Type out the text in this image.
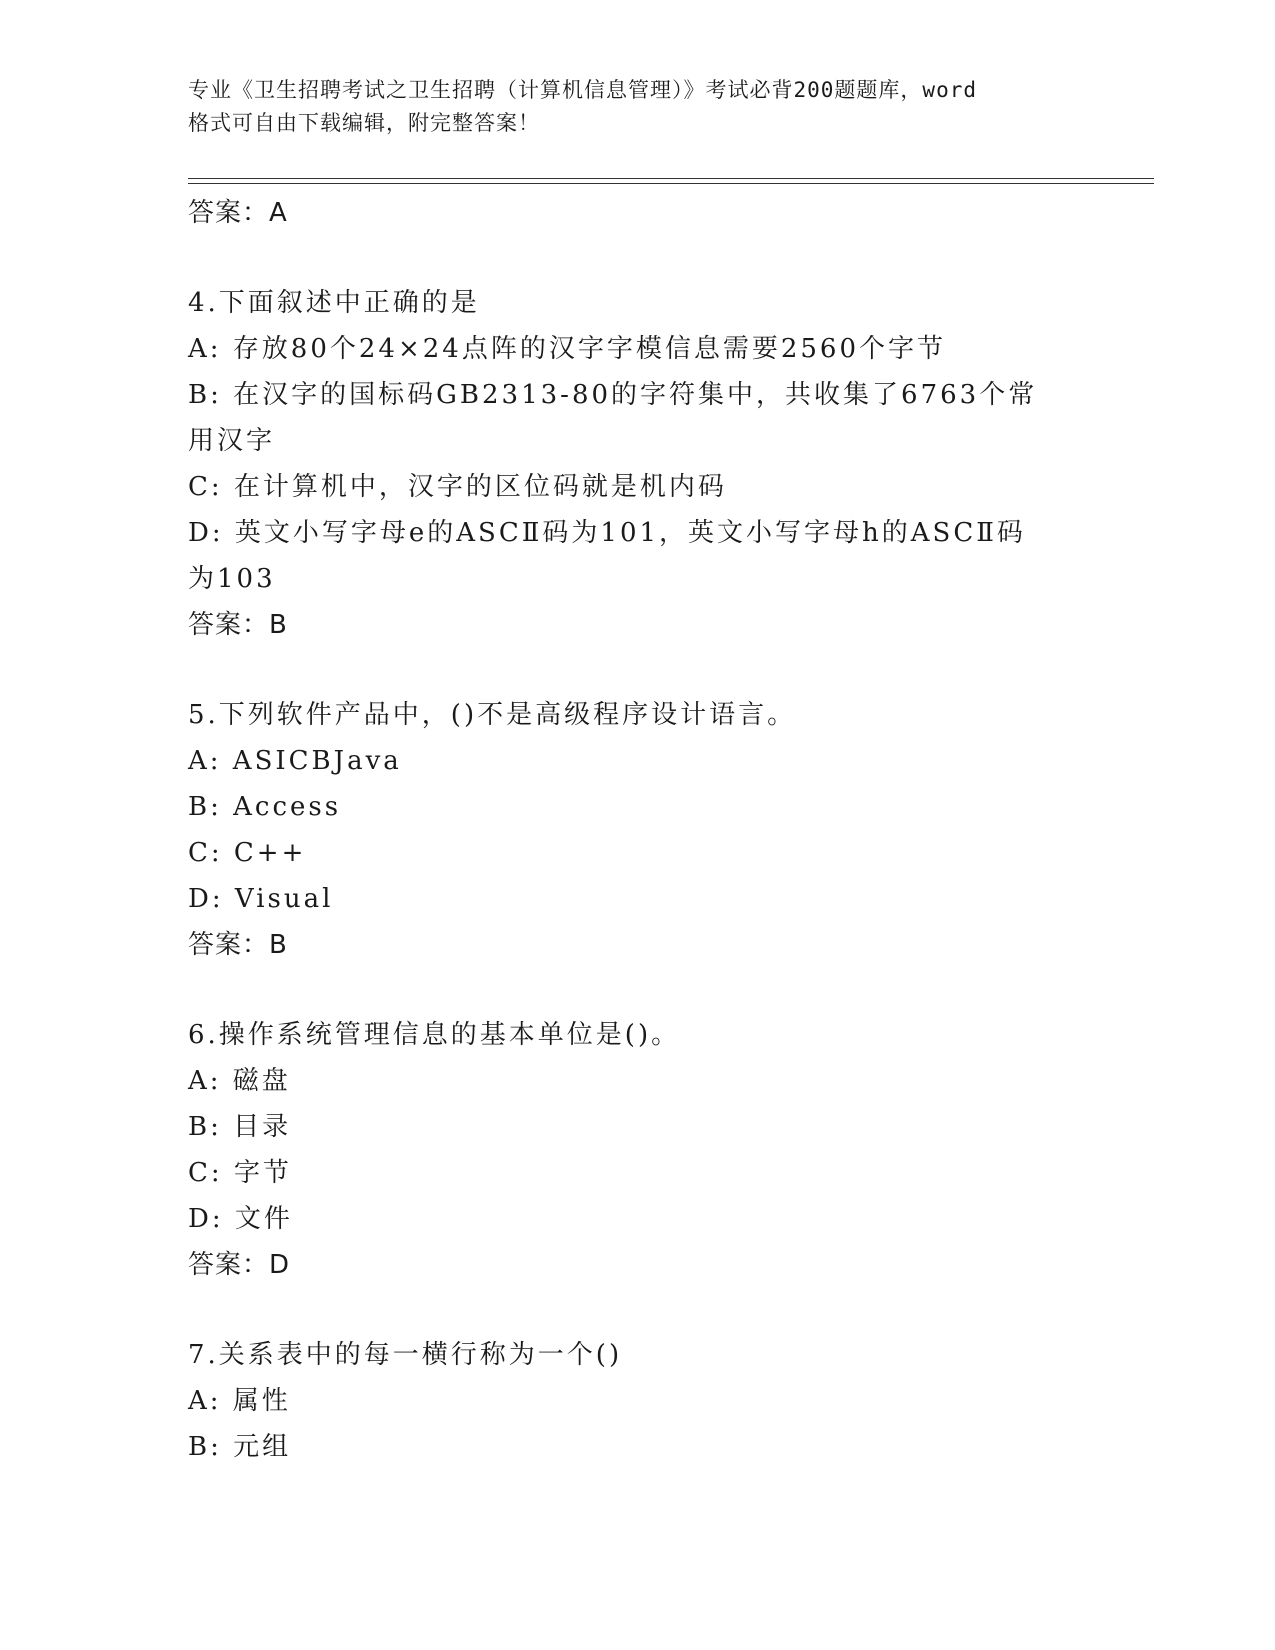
专业《卫生招聘考试之卫生招聘（计算机信息管理）》考试必背200题题库，word
格式可自由下载编辑，附完整答案！
答案：A
4.下面叙述中正确的是
A: 存放80个24×24点阵的汉字字模信息需要2560个字节
B: 在汉字的国标码GB2313-80的字符集中，共收集了6763个常用汉字
C: 在计算机中，汉字的区位码就是机内码
D: 英文小写字母e的ASCⅡ码为101，英文小写字母h的ASCⅡ码为103
答案：B
5.下列软件产品中，()不是高级程序设计语言。
A: ASICBJava
B: Access
C: C++
D: Visual
答案：B
6.操作系统管理信息的基本单位是()。
A: 磁盘
B: 目录
C: 字节
D: 文件
答案：D
7.关系表中的每一横行称为一个()
A: 属性
B: 元组
